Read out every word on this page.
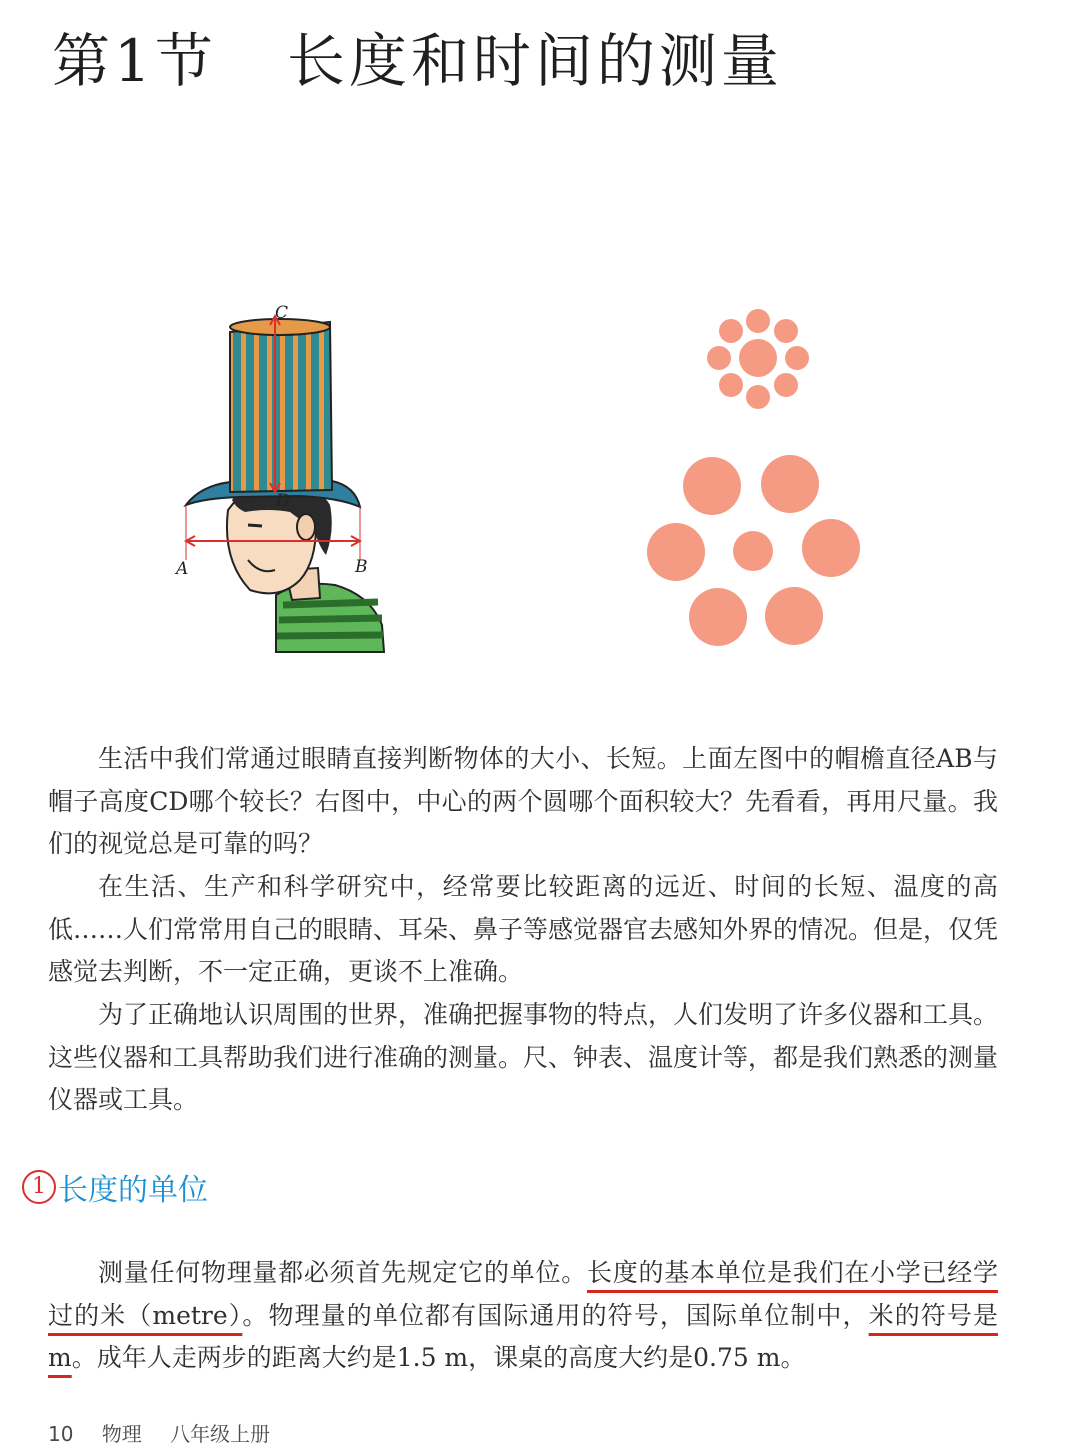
第1节 长度和时间的测量
C
D
A	B

生活中我们常通过眼睛直接判断物体的大小、长短。上面左图中的帽檐直径AB与帽子高度CD哪个较长？右图中，中心的两个圆哪个面积较大？先看看，再用尺量。我们的视觉总是可靠的吗？

在生活、生产和科学研究中，经常要比较距离的远近、时间的长短、温度的高低……人们常常用自己的眼睛、耳朵、鼻子等感觉器官去感知外界的情况。但是，仅凭感觉去判断，不一定正确，更谈不上准确。

为了正确地认识周围的世界，准确把握事物的特点，人们发明了许多仪器和工具。这些仪器和工具帮助我们进行准确的测量。尺、钟表、温度计等，都是我们熟悉的测量仪器或工具。

1 长度的单位

测量任何物理量都必须首先规定它的单位。长度的基本单位是我们在小学已经学过的米（metre）。物理量的单位都有国际通用的符号，国际单位制中，米的符号是m。成年人走两步的距离大约是1.5 m，课桌的高度大约是0.75 m。

10 物理 八年级上册
